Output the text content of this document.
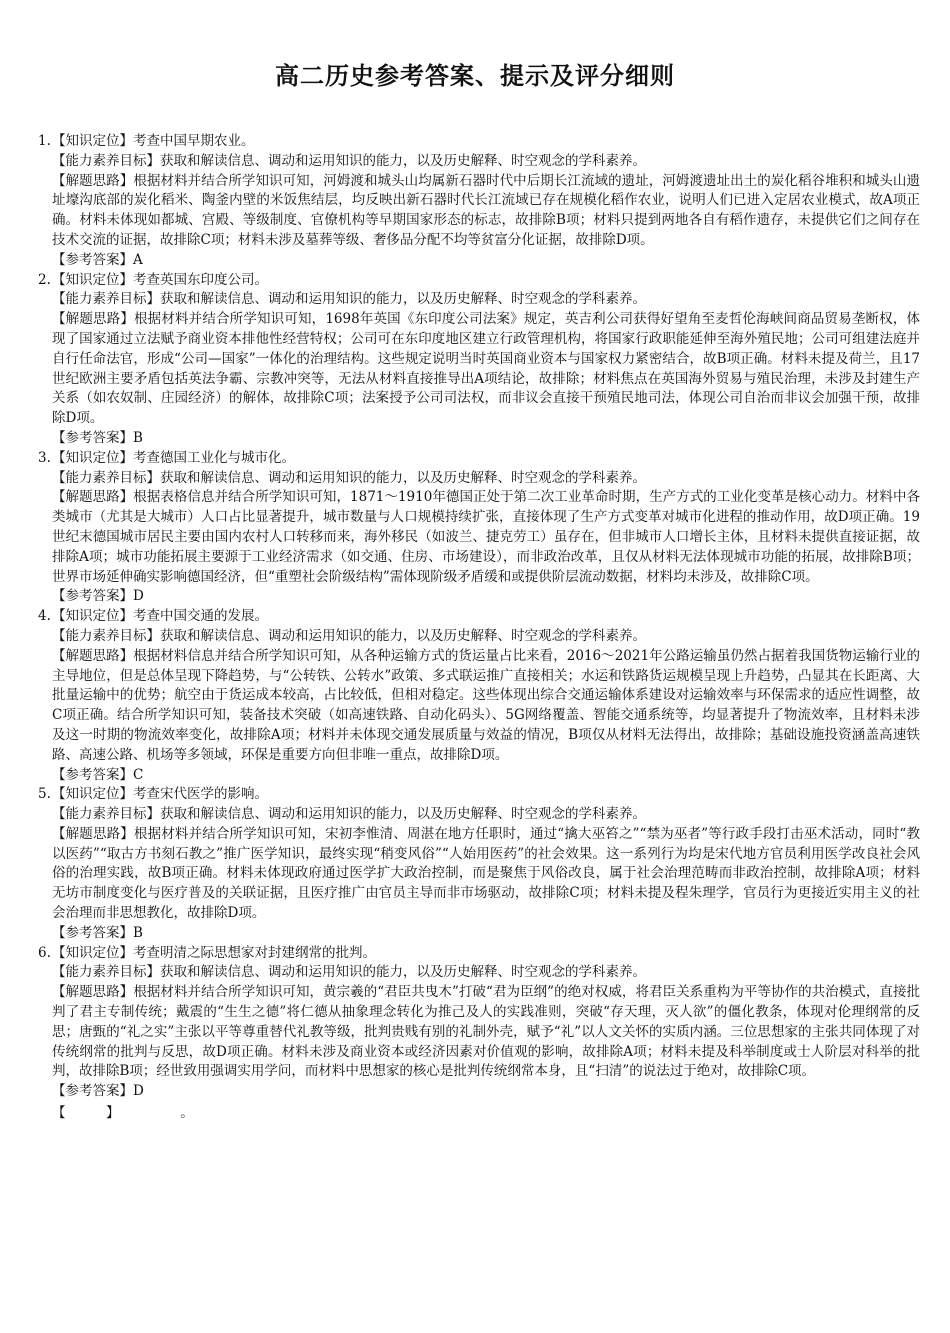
高二历史参考答案、提示及评分细则

1.【知识定位】考查中国早期农业。

【能力素养目标】获取和解读信息、调动和运用知识的能力，以及历史解释、时空观念的学科素养。

【解题思路】根据材料并结合所学知识可知，河姆渡和城头山均属新石器时代中后期长江流域的遗址，河姆渡遗址出土的炭化稻谷堆积和城头山遗址壕沟底部的炭化稻米、陶釜内壁的米饭焦结层，均反映出新石器时代长江流域已存在规模化稻作农业，说明人们已进入定居农业模式，故A项正确。材料未体现如都城、宫殿、等级制度、官僚机构等早期国家形态的标志，故排除B项；材料只提到两地各自有稻作遗存，未提供它们之间存在技术交流的证据，故排除C项；材料未涉及墓葬等级、奢侈品分配不均等贫富分化证据，故排除D项。

【参考答案】A

2.【知识定位】考查英国东印度公司。

【能力素养目标】获取和解读信息、调动和运用知识的能力，以及历史解释、时空观念的学科素养。

【解题思路】根据材料并结合所学知识可知，1698年英国《东印度公司法案》规定，英吉利公司获得好望角至麦哲伦海峡间商品贸易垄断权，体现了国家通过立法赋予商业资本排他性经营特权；公司可在东印度地区建立行政管理机构，将国家行政职能延伸至海外殖民地；公司可组建法庭并自行任命法官，形成“公司—国家”一体化的治理结构。这些规定说明当时英国商业资本与国家权力紧密结合，故B项正确。材料未提及荷兰，且17世纪欧洲主要矛盾包括英法争霸、宗教冲突等，无法从材料直接推导出A项结论，故排除；材料焦点在英国海外贸易与殖民治理，未涉及封建生产关系（如农奴制、庄园经济）的解体，故排除C项；法案授予公司司法权，而非议会直接干预殖民地司法，体现公司自治而非议会加强干预，故排除D项。

【参考答案】B

3.【知识定位】考查德国工业化与城市化。

【能力素养目标】获取和解读信息、调动和运用知识的能力，以及历史解释、时空观念的学科素养。

【解题思路】根据表格信息并结合所学知识可知，1871～1910年德国正处于第二次工业革命时期，生产方式的工业化变革是核心动力。材料中各类城市（尤其是大城市）人口占比显著提升，城市数量与人口规模持续扩张，直接体现了生产方式变革对城市化进程的推动作用，故D项正确。19世纪末德国城市居民主要由国内农村人口转移而来，海外移民（如波兰、捷克劳工）虽存在，但非城市人口增长主体，且材料未提供直接证据，故排除A项；城市功能拓展主要源于工业经济需求（如交通、住房、市场建设），而非政治改革，且仅从材料无法体现城市功能的拓展，故排除B项；世界市场延伸确实影响德国经济，但“重塑社会阶级结构”需体现阶级矛盾缓和或提供阶层流动数据，材料均未涉及，故排除C项。

【参考答案】D

4.【知识定位】考查中国交通的发展。

【能力素养目标】获取和解读信息、调动和运用知识的能力，以及历史解释、时空观念的学科素养。

【解题思路】根据材料信息并结合所学知识可知，从各种运输方式的货运量占比来看，2016～2021年公路运输虽仍然占据着我国货物运输行业的主导地位，但是总体呈现下降趋势，与“公转铁、公转水”政策、多式联运推广直接相关；水运和铁路货运规模呈现上升趋势，凸显其在长距离、大批量运输中的优势；航空由于货运成本较高，占比较低，但相对稳定。这些体现出综合交通运输体系建设对运输效率与环保需求的适应性调整，故C项正确。结合所学知识可知，装备技术突破（如高速铁路、自动化码头）、5G网络覆盖、智能交通系统等，均显著提升了物流效率，且材料未涉及这一时期的物流效率变化，故排除A项；材料并未体现交通发展质量与效益的情况，B项仅从材料无法得出，故排除；基础设施投资涵盖高速铁路、高速公路、机场等多领域，环保是重要方向但非唯一重点，故排除D项。

【参考答案】C

5.【知识定位】考查宋代医学的影响。

【能力素养目标】获取和解读信息、调动和运用知识的能力，以及历史解释、时空观念的学科素养。

【解题思路】根据材料并结合所学知识可知，宋初李惟清、周湛在地方任职时，通过“擒大巫笞之”“禁为巫者”等行政手段打击巫术活动，同时“教以医药”“取古方书刻石教之”推广医学知识，最终实现“稍变风俗”“人始用医药”的社会效果。这一系列行为均是宋代地方官员利用医学改良社会风俗的治理实践，故B项正确。材料未体现政府通过医学扩大政治控制，而是聚焦于风俗改良，属于社会治理范畴而非政治控制，故排除A项；材料无坊市制度变化与医疗普及的关联证据，且医疗推广由官员主导而非市场驱动，故排除C项；材料未提及程朱理学，官员行为更接近实用主义的社会治理而非思想教化，故排除D项。

【参考答案】B

6.【知识定位】考查明清之际思想家对封建纲常的批判。

【能力素养目标】获取和解读信息、调动和运用知识的能力，以及历史解释、时空观念的学科素养。

【解题思路】根据材料并结合所学知识可知，黄宗羲的“君臣共曳木”打破“君为臣纲”的绝对权威，将君臣关系重构为平等协作的共治模式，直接批判了君主专制传统；戴震的“生生之德”将仁德从抽象理念转化为推己及人的实践准则，突破“存天理，灭人欲”的僵化教条，体现对伦理纲常的反思；唐甄的“礼之实”主张以平等尊重替代礼教等级，批判贵贱有别的礼制外壳，赋予“礼”以人文关怀的实质内涵。三位思想家的主张共同体现了对传统纲常的批判与反思，故D项正确。材料未涉及商业资本或经济因素对价值观的影响，故排除A项；材料未提及科举制度或士人阶层对科举的批判，故排除B项；经世致用强调实用学问，而材料中思想家的核心是批判传统纲常本身，且“扫清”的说法过于绝对，故排除C项。

【参考答案】D

【　　　】　　　　　。
